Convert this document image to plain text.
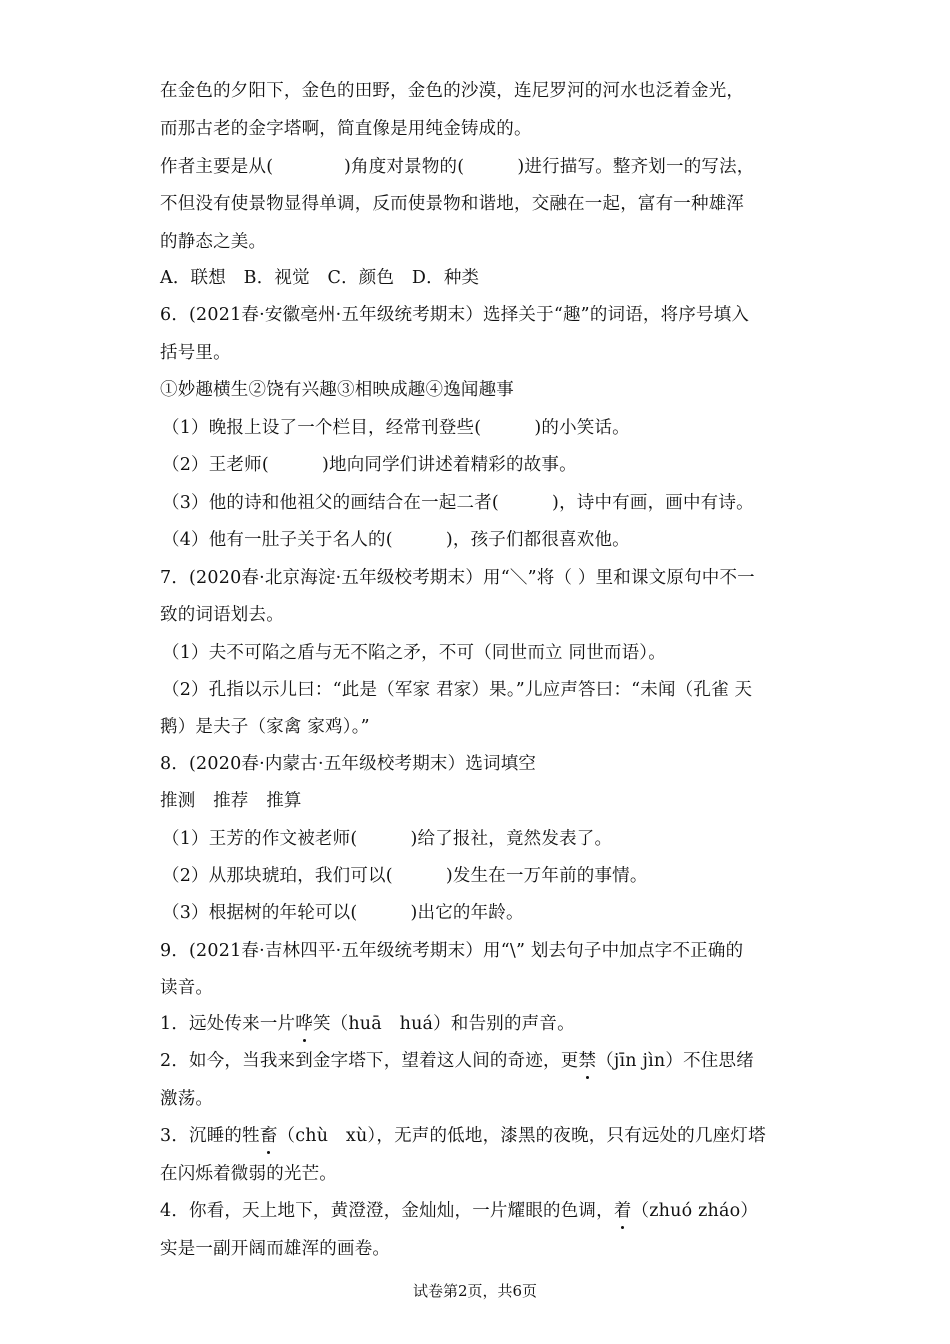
在金色的夕阳下，金色的田野，金色的沙漠，连尼罗河的河水也泛着金光，
而那古老的金字塔啊，简直像是用纯金铸成的。
作者主要是从(　　　　)角度对景物的(　　　)进行描写。整齐划一的写法，
不但没有使景物显得单调，反而使景物和谐地，交融在一起，富有一种雄浑
的静态之美。
A．联想　B．视觉　C．颜色　D．种类
6．(2021春·安徽亳州·五年级统考期末）选择关于“趣”的词语，将序号填入
括号里。
①妙趣横生②饶有兴趣③相映成趣④逸闻趣事
（1）晚报上设了一个栏目，经常刊登些(　　　)的小笑话。
（2）王老师(　　　)地向同学们讲述着精彩的故事。
（3）他的诗和他祖父的画结合在一起二者(　　　)，诗中有画，画中有诗。
（4）他有一肚子关于名人的(　　　)，孩子们都很喜欢他。
7．(2020春·北京海淀·五年级校考期末）用“＼”将（ ）里和课文原句中不一
致的词语划去。
（1）夫不可陷之盾与无不陷之矛，不可（同世而立 同世而语）。
（2）孔指以示儿曰：“此是（军家 君家）果。”儿应声答曰：“未闻（孔雀 天
鹅）是夫子（家禽 家鸡）。”
8．(2020春·内蒙古·五年级校考期末）选词填空
推测　推荐　推算
（1）王芳的作文被老师(　　　)给了报社，竟然发表了。
（2）从那块琥珀，我们可以(　　　)发生在一万年前的事情。
（3）根据树的年轮可以(　　　)出它的年龄。
9．(2021春·吉林四平·五年级统考期末）用“\” 划去句子中加点字不正确的
读音。
1．远处传来一片哗笑（huā　huá）和告别的声音。
2．如今，当我来到金字塔下，望着这人间的奇迹，更禁（jīn jìn）不住思绪
激荡。
3．沉睡的牲畜（chù　xù），无声的低地，漆黑的夜晚，只有远处的几座灯塔
在闪烁着微弱的光芒。
4．你看，天上地下，黄澄澄，金灿灿，一片耀眼的色调，着（zhuó zháo）
实是一副开阔而雄浑的画卷。
试卷第2页，共6页
